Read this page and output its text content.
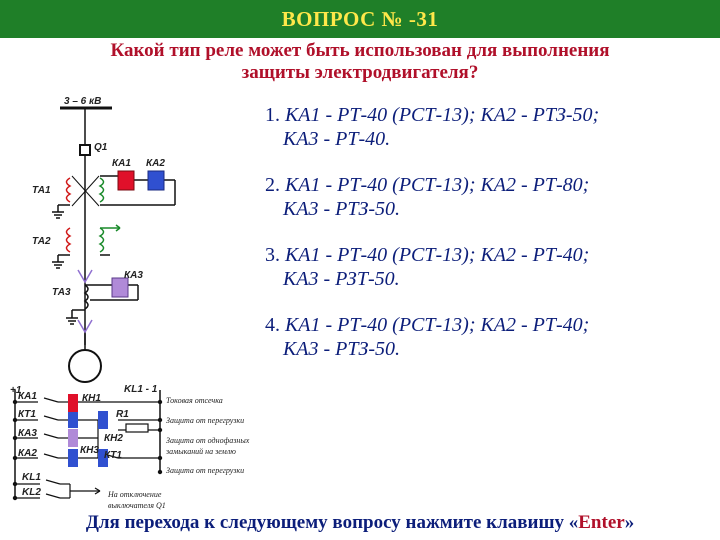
ВОПРОС № -31
Какой тип реле может быть использован для выполнения
защиты электродвигателя?
1. КА1 - РТ-40 (РСТ-13); КА2 - РТЗ-50;
КА3 - РТ-40.
2. КА1 - РТ-40 (РСТ-13); КА2 - РТ-80;
КА3 - РТЗ-50.
3. КА1 - РТ-40 (РСТ-13); КА2 - РТ-40;
КА3 - РЗТ-50.
4. КА1 - РТ-40 (РСТ-13); КА2 - РТ-40;
КА3 - РТЗ-50.
3 – 6 кВ
Q1
КА1 КА2
ТА1
ТА2
КА3
ТА3
+1	KL1 - 1
КА1
КТ1
КА3
КА2
KL1
KL2
КН1
R1
КН2
КН3 КТ1
Токовая отсечка
Защита от перегрузки
Защита от однофазных
замыканий на землю
Защита от перегрузки
На отключение
выключателя Q1
Для перехода к следующему вопросу нажмите клавишу «Enter»
